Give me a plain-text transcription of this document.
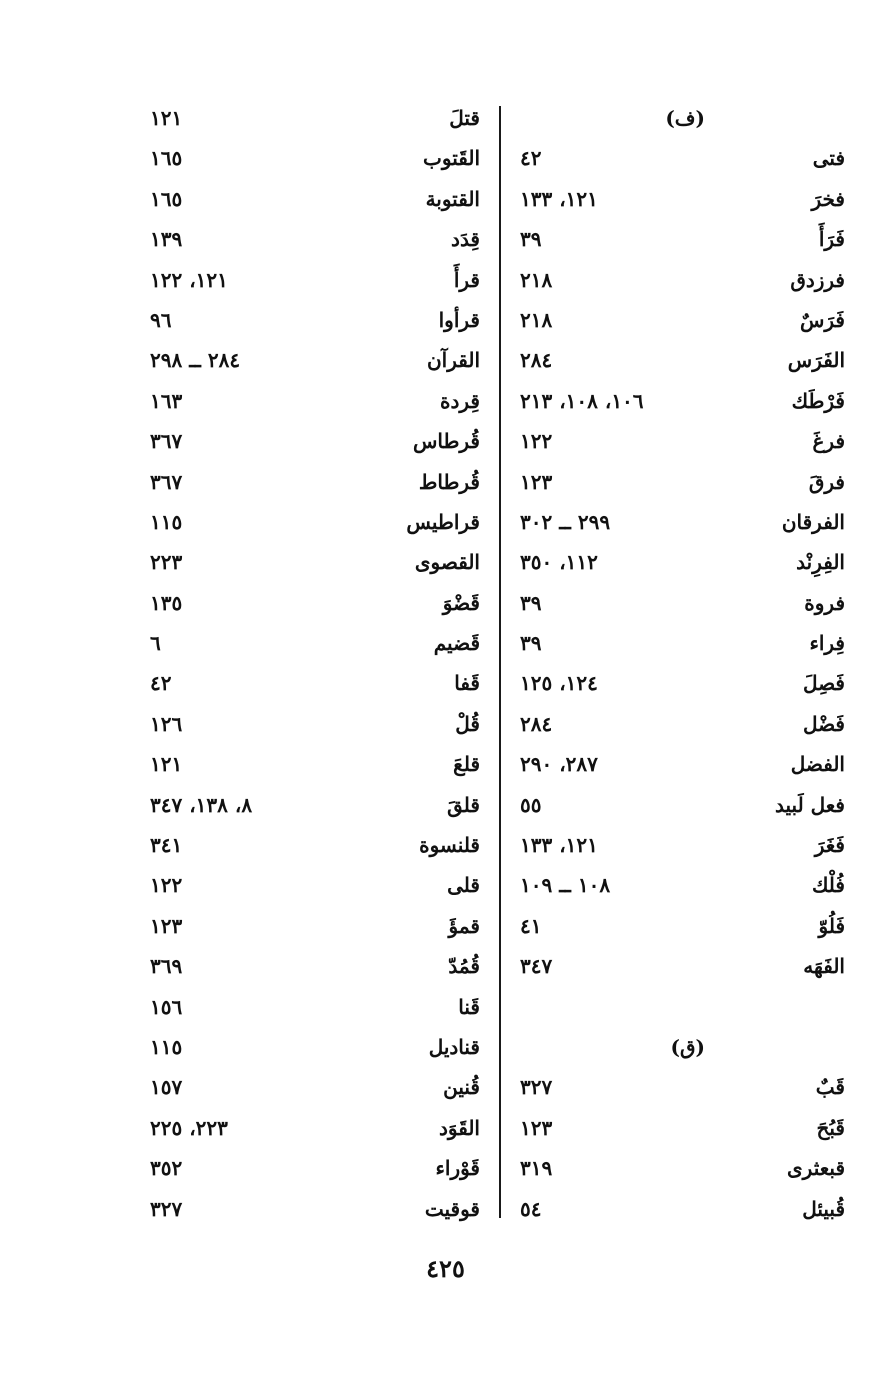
قتلَ
١٢١
القَتوب
١٦٥
القتوبة
١٦٥
قِدَد
١٣٩
قرأَ
١٢١، ١٢٢
قرأوا
٩٦
القرآن
٢٨٤ ــ ٢٩٨
قِردة
١٦٣
قُرطاس
٣٦٧
قُرطاط
٣٦٧
قراطيس
١١٥
القصوى
٢٢٣
قَضْوَ
١٣٥
قَضيم
٦
قَفا
٤٢
قُلْ
١٢٦
قلعَ
١٢١
قلقَ
٨، ١٣٨، ٣٤٧
قلنسوة
٣٤١
قلى
١٢٢
قمؤَ
١٢٣
قُمُدّ
٣٦٩
قَنا
١٥٦
قناديل
١١٥
قُنين
١٥٧
القَوَد
٢٢٣، ٢٢٥
قَوْراء
٣٥٢
قوقيت
٣٢٧
(ف)
فتى
٤٢
فخرَ
١٢١، ١٣٣
فَرَأَ
٣٩
فرزدق
٢١٨
فَرَسٌ
٢١٨
الفَرَس
٢٨٤
فَرْطَك
١٠٦، ١٠٨، ٢١٣
فرغَ
١٢٢
فرقَ
١٢٣
الفرقان
٢٩٩ ــ ٣٠٢
الفِرِنْد
١١٢، ٣٥٠
فروة
٣٩
فِراء
٣٩
فَصِلَ
١٢٤، ١٢٥
فَضْل
٢٨٤
الفضل
٢٨٧، ٢٩٠
فعل لَبيد
٥٥
فَغَرَ
١٢١، ١٣٣
فُلْك
١٠٨ ــ ١٠٩
فَلُوّ
٤١
الفَهَه
٣٤٧
(ق)
قَبٌ
٣٢٧
قَبُحَ
١٢٣
قبعثرى
٣١٩
قُبيئل
٥٤
٤٢٥
